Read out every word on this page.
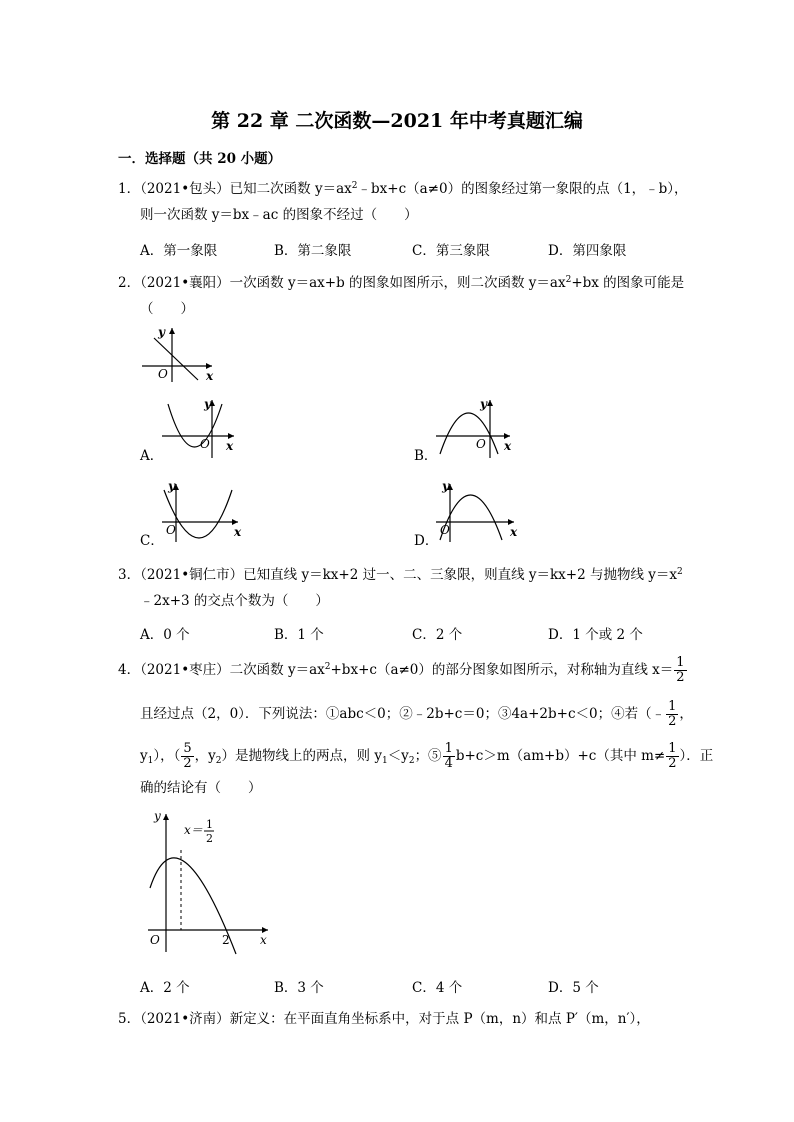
第 22 章 二次函数—2021 年中考真题汇编
一．选择题（共 20 小题）
1．（2021•包头）已知二次函数 $y=ax^2﹣bx+c(a\ne 0)$的图象经过第一象限的点（1，﹣b），
则一次函数 y＝bx﹣ac 的图象不经过（　　）
A．第一象限	B．第二象限	C．第三象限	D．第四象限
2．（2021•襄阳）一次函数 y＝ax+b 的图象如图所示，则二次函数 $y=ax^2+bx$ 的图象可能是
（　　）
y
x
O
A．
y
x
O
B．
y
x
O
C．
y
x
O
D．
y
x
O
3．（2021•铜仁市）已知直线 y＝kx+2 过一、二、三象限，则直线 y＝kx+2 与抛物线 $y=x^2$
﹣2x+3 的交点个数为（　　）
A．0 个	B．1 个	C．2 个	D．1 个或 2 个
4．（2021•枣庄）二次函数 $y=ax^2+bx+c(a\ne 0)$的部分图象如图所示，对称轴为直线 $x= \frac{1}{2}$
且经过点（2，0）．下列说法：①abc＜0；②﹣2b+c＝0；③4a+2b+c＜0；④若（﹣ $\frac{1}{2}$ ，
$y_1$），（ $\frac{5}{2}$ ，$y_2$）是抛物线上的两点，则 $y_1<y_2$；⑤ $\frac{1}{4} b+c>m(am+b)+c$（其中 $m\ne \frac{1}{2}$ ）．正
确的结论有（　　）
y
x
O	2
x＝ 1
2
A．2 个	B．3 个	C．4 个	D．5 个
5．（2021•济南）新定义：在平面直角坐标系中，对于点 P（m，n）和点 P′（m，n′），
